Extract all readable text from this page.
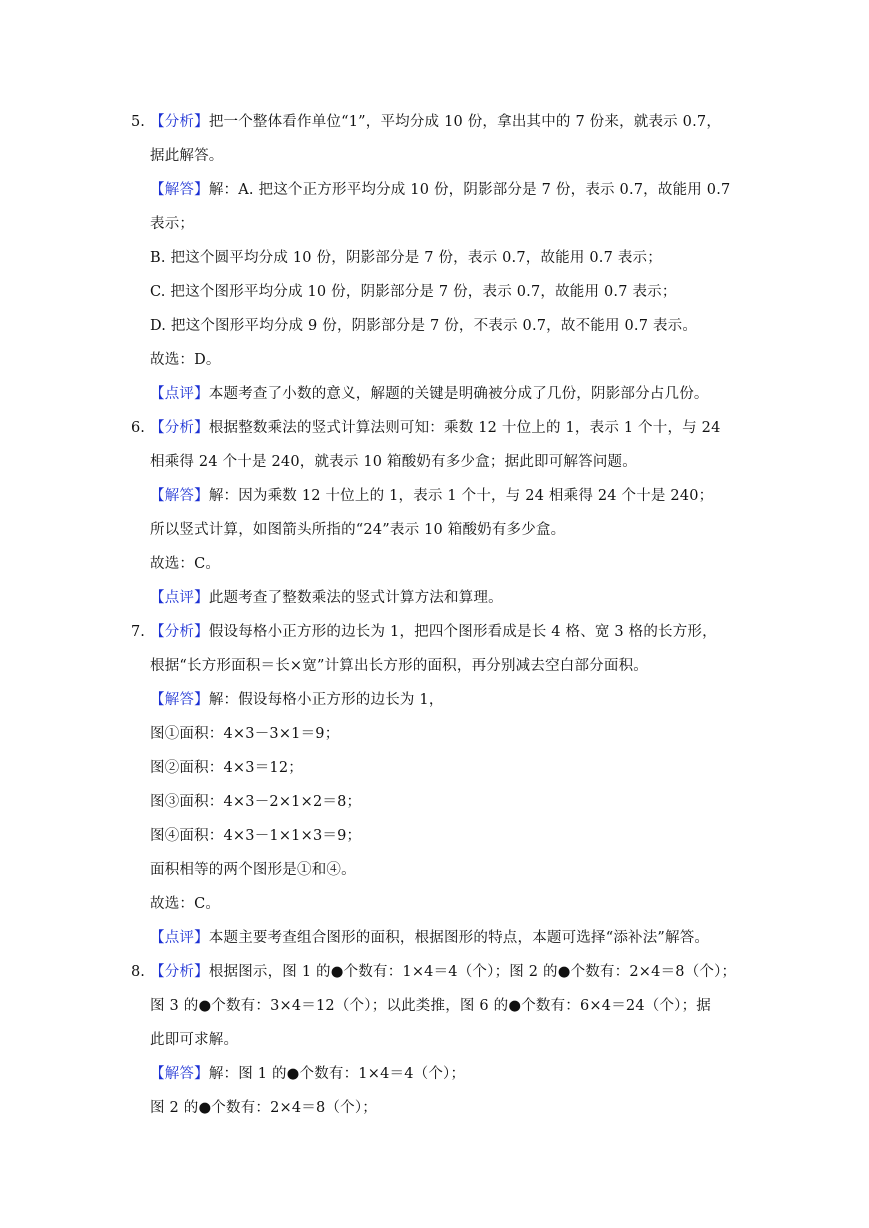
5. 【分析】把一个整体看作单位“1”，平均分成 10 份，拿出其中的 7 份来，就表示 0.7，
据此解答。
【解答】解：A. 把这个正方形平均分成 10 份，阴影部分是 7 份，表示 0.7，故能用 0.7
表示；
B. 把这个圆平均分成 10 份，阴影部分是 7 份，表示 0.7，故能用 0.7 表示；
C. 把这个图形平均分成 10 份，阴影部分是 7 份，表示 0.7，故能用 0.7 表示；
D. 把这个图形平均分成 9 份，阴影部分是 7 份，不表示 0.7，故不能用 0.7 表示。
故选：D。
【点评】本题考查了小数的意义，解题的关键是明确被分成了几份，阴影部分占几份。
6. 【分析】根据整数乘法的竖式计算法则可知：乘数 12 十位上的 1，表示 1 个十，与 24
相乘得 24 个十是 240，就表示 10 箱酸奶有多少盒；据此即可解答问题。
【解答】解：因为乘数 12 十位上的 1，表示 1 个十，与 24 相乘得 24 个十是 240；
所以竖式计算，如图箭头所指的“24”表示 10 箱酸奶有多少盒。
故选：C。
【点评】此题考查了整数乘法的竖式计算方法和算理。
7. 【分析】假设每格小正方形的边长为 1，把四个图形看成是长 4 格、宽 3 格的长方形，
根据“长方形面积＝长×宽”计算出长方形的面积，再分别减去空白部分面积。
【解答】解：假设每格小正方形的边长为 1，
图①面积：4×3－3×1＝9；
图②面积：4×3＝12；
图③面积：4×3－2×1×2＝8；
图④面积：4×3－1×1×3＝9；
面积相等的两个图形是①和④。
故选：C。
【点评】本题主要考查组合图形的面积，根据图形的特点，本题可选择“添补法”解答。
8. 【分析】根据图示，图 1 的●个数有：1×4＝4（个）；图 2 的●个数有：2×4＝8（个）；
图 3 的●个数有：3×4＝12（个）；以此类推，图 6 的●个数有：6×4＝24（个）；据
此即可求解。
【解答】解：图 1 的●个数有：1×4＝4（个）；
图 2 的●个数有：2×4＝8（个）；
